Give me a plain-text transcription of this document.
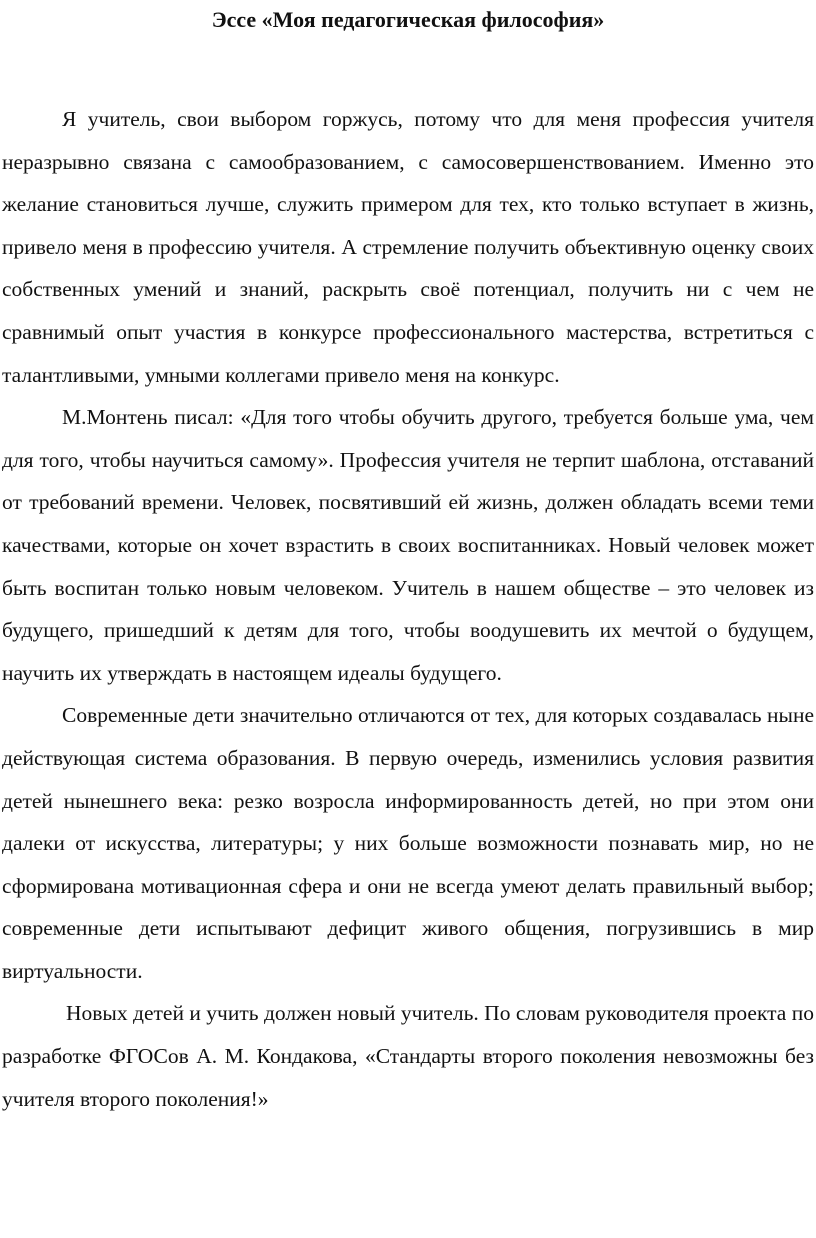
Эссе «Моя педагогическая философия»

Я учитель, свои выбором горжусь, потому что для меня профессия учителя неразрывно связана с самообразованием, с самосовершенствованием. Именно это желание становиться лучше, служить примером для тех, кто только вступает в жизнь, привело меня в профессию учителя. А стремление получить объективную оценку своих собственных умений и знаний, раскрыть своё потенциал, получить ни с чем не сравнимый опыт участия в конкурсе профессионального мастерства, встретиться с талантливыми, умными коллегами привело меня на конкурс.

М.Монтень писал: «Для того чтобы обучить другого, требуется больше ума, чем для того, чтобы научиться самому». Профессия учителя не терпит шаблона, отставаний от требований времени. Человек, посвятивший ей жизнь, должен обладать всеми теми качествами, которые он хочет взрастить в своих воспитанниках. Новый человек может быть воспитан только новым человеком. Учитель в нашем обществе – это человек из будущего, пришедший к детям для того, чтобы воодушевить их мечтой о будущем, научить их утверждать в настоящем идеалы будущего.

Современные дети значительно отличаются от тех, для которых создавалась ныне действующая система образования. В первую очередь, изменились условия развития детей нынешнего века: резко возросла информированность детей, но при этом они далеки от искусства, литературы; у них больше возможности познавать мир, но не сформирована мотивационная сфера и они не всегда умеют делать правильный выбор; современные дети испытывают дефицит живого общения, погрузившись в мир виртуальности.

Новых детей и учить должен новый учитель. По словам руководителя проекта по разработке ФГОСов А. М. Кондакова, «Стандарты второго поколения невозможны без учителя второго поколения!»
